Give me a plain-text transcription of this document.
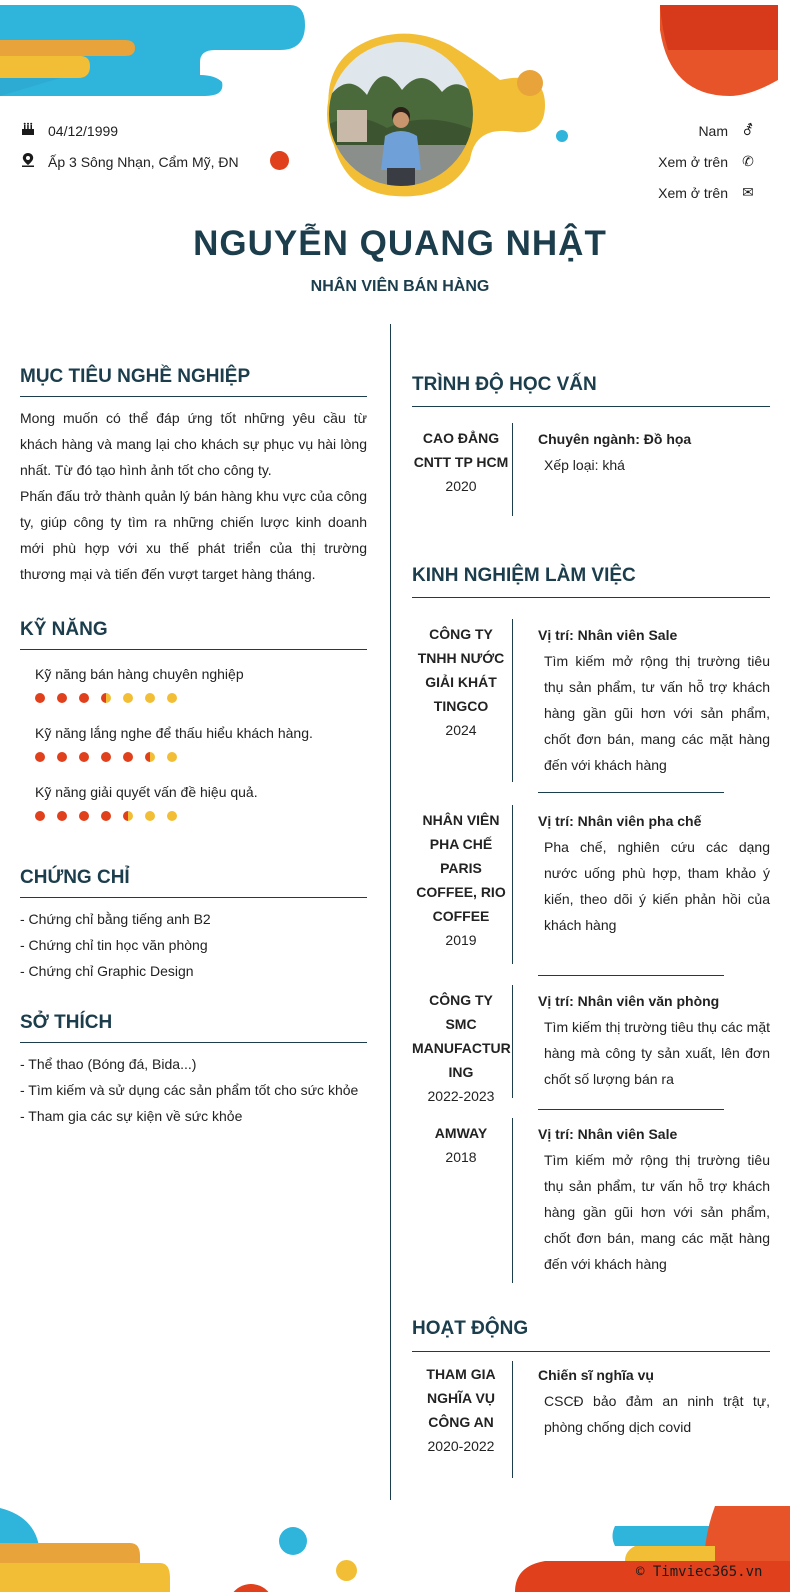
04/12/1999
Ấp 3 Sông Nhạn, Cẩm Mỹ, ĐN
Nam ⚦
Xem ở trên ✆
Xem ở trên ✉
NGUYỄN QUANG NHẬT
NHÂN VIÊN BÁN HÀNG
MỤC TIÊU NGHỀ NGHIỆP
Mong muốn có thể đáp ứng tốt những yêu cầu từ khách hàng và mang lại cho khách sự phục vụ hài lòng nhất. Từ đó tạo hình ảnh tốt cho công ty.
Phấn đấu trở thành quản lý bán hàng khu vực của công ty, giúp công ty tìm ra những chiến lược kinh doanh mới phù hợp với xu thế phát triển của thị trường thương mại và tiến đến vượt target hàng tháng.
KỸ NĂNG
Kỹ năng bán hàng chuyên nghiệp
Kỹ năng lắng nghe để thấu hiểu khách hàng.
Kỹ năng giải quyết vấn đề hiệu quả.
CHỨNG CHỈ
- Chứng chỉ bằng tiếng anh B2
- Chứng chỉ tin học văn phòng
- Chứng chỉ Graphic Design
SỞ THÍCH
- Thể thao (Bóng đá, Bida...)
- Tìm kiếm và sử dụng các sản phẩm tốt cho sức khỏe
- Tham gia các sự kiện về sức khỏe
TRÌNH ĐỘ HỌC VẤN
CAO ĐẲNG
CNTT TP HCM
2020
Chuyên ngành: Đồ họa
Xếp loại: khá
KINH NGHIỆM LÀM VIỆC
CÔNG TY
TNHH NƯỚC
GIẢI KHÁT
TINGCO
2024
Vị trí: Nhân viên Sale
Tìm kiếm mở rộng thị trường tiêu thụ sản phẩm, tư vấn hỗ trợ khách hàng gần gũi hơn với sản phẩm, chốt đơn bán, mang các mặt hàng đến với khách hàng
NHÂN VIÊN
PHA CHẾ
PARIS
COFFEE, RIO
COFFEE
2019
Vị trí: Nhân viên pha chế
Pha chế, nghiên cứu các dạng nước uống phù hợp, tham khảo ý kiến, theo dõi ý kiến phản hồi của khách hàng
CÔNG TY SMC
MANUFACTUR
ING
2022-2023
Vị trí: Nhân viên văn phòng
Tìm kiếm thị trường tiêu thụ các mặt hàng mà công ty sản xuất, lên đơn chốt số lượng bán ra
AMWAY
2018
Vị trí: Nhân viên Sale
Tìm kiếm mở rộng thị trường tiêu thụ sản phẩm, tư vấn hỗ trợ khách hàng gần gũi hơn với sản phẩm, chốt đơn bán, mang các mặt hàng đến với khách hàng
HOẠT ĐỘNG
THAM GIA
NGHĨA VỤ
CÔNG AN
2020-2022
Chiến sĩ nghĩa vụ
CSCĐ bảo đảm an ninh trật tự, phòng chống dịch covid
© Timviec365.vn
